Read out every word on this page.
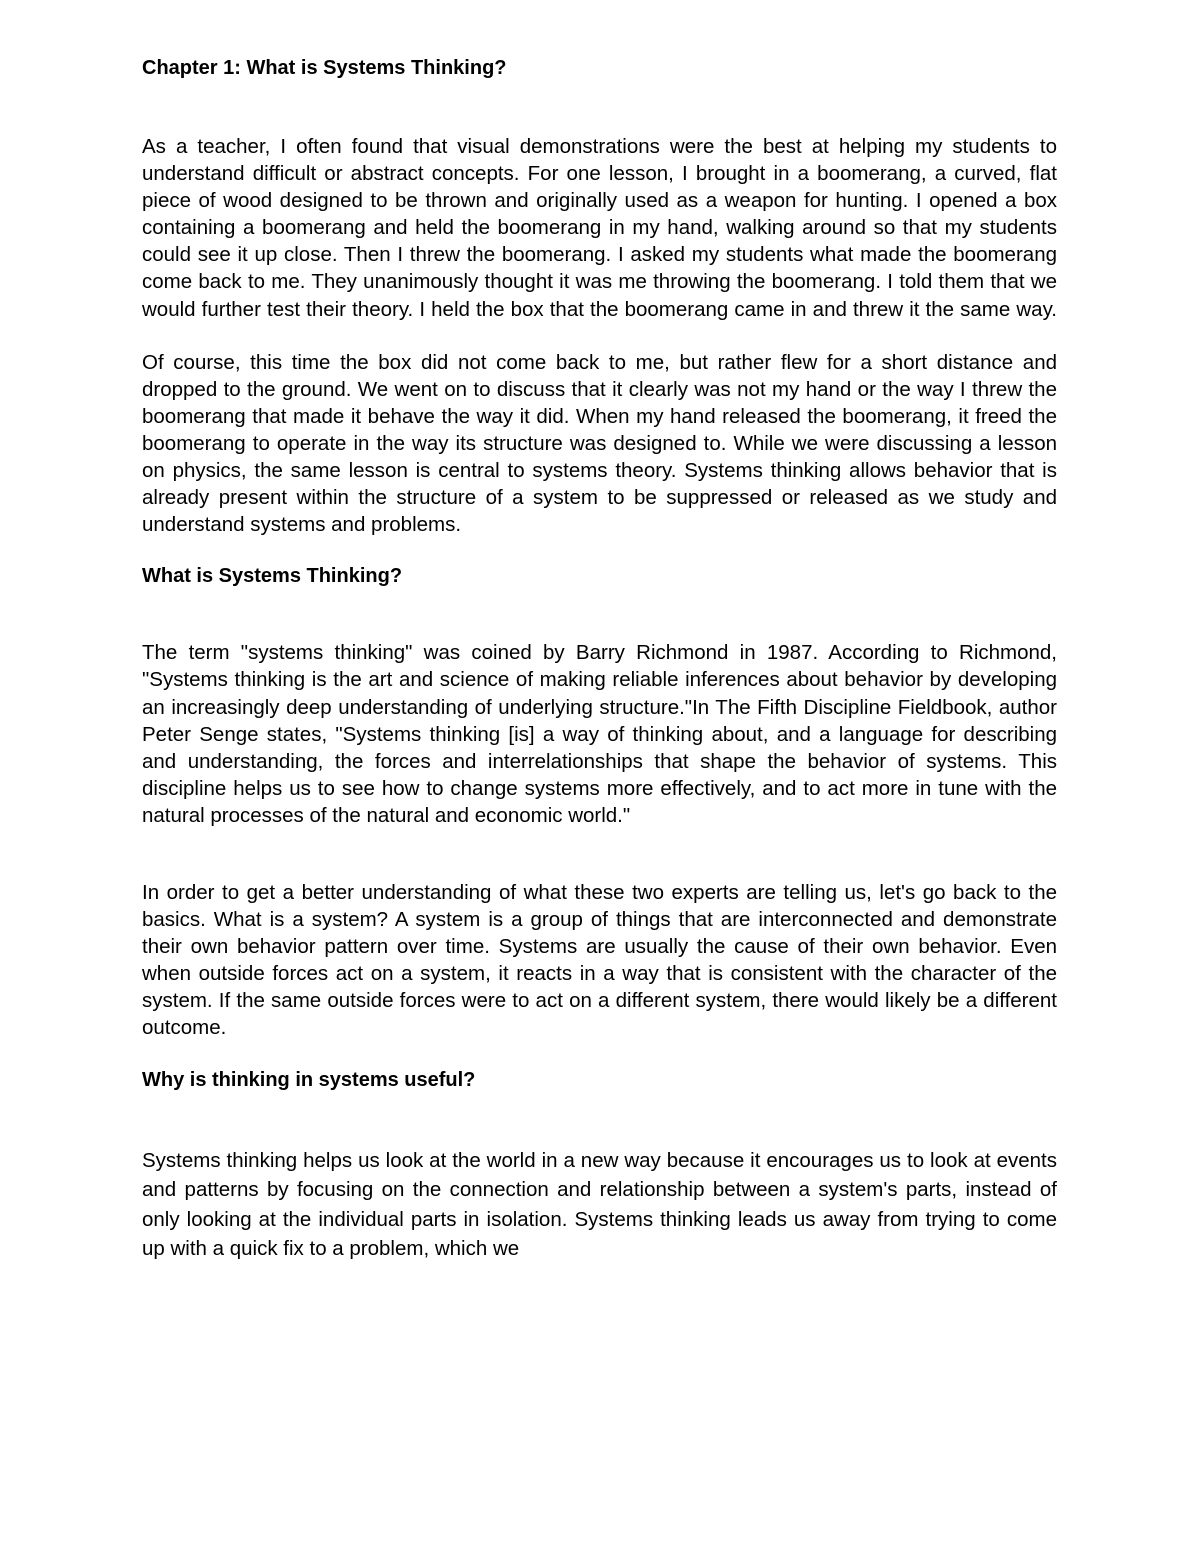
Chapter 1: What is Systems Thinking?

As a teacher, I often found that visual demonstrations were the best at helping my students to understand difficult or abstract concepts. For one lesson, I brought in a boomerang, a curved, flat piece of wood designed to be thrown and originally used as a weapon for hunting. I opened a box containing a boomerang and held the boomerang in my hand, walking around so that my students could see it up close. Then I threw the boomerang. I asked my students what made the boomerang come back to me. They unanimously thought it was me throwing the boomerang. I told them that we would further test their theory. I held the box that the boomerang came in and threw it the same way.

Of course, this time the box did not come back to me, but rather flew for a short distance and dropped to the ground. We went on to discuss that it clearly was not my hand or the way I threw the boomerang that made it behave the way it did. When my hand released the boomerang, it freed the boomerang to operate in the way its structure was designed to. While we were discussing a lesson on physics, the same lesson is central to systems theory. Systems thinking allows behavior that is already present within the structure of a system to be suppressed or released as we study and understand systems and problems.

What is Systems Thinking?

The term "systems thinking" was coined by Barry Richmond in 1987. According to Richmond, "Systems thinking is the art and science of making reliable inferences about behavior by developing an increasingly deep understanding of underlying structure."In The Fifth Discipline Fieldbook, author Peter Senge states, "Systems thinking [is] a way of thinking about, and a language for describing and understanding, the forces and interrelationships that shape the behavior of systems. This discipline helps us to see how to change systems more effectively, and to act more in tune with the natural processes of the natural and economic world."

In order to get a better understanding of what these two experts are telling us, let's go back to the basics. What is a system? A system is a group of things that are interconnected and demonstrate their own behavior pattern over time. Systems are usually the cause of their own behavior. Even when outside forces act on a system, it reacts in a way that is consistent with the character of the system. If the same outside forces were to act on a different system, there would likely be a different outcome.

Why is thinking in systems useful?

Systems thinking helps us look at the world in a new way because it encourages us to look at events and patterns by focusing on the connection and relationship between a system's parts, instead of only looking at the individual parts in isolation. Systems thinking leads us away from trying to come up with a quick fix to a problem, which we
